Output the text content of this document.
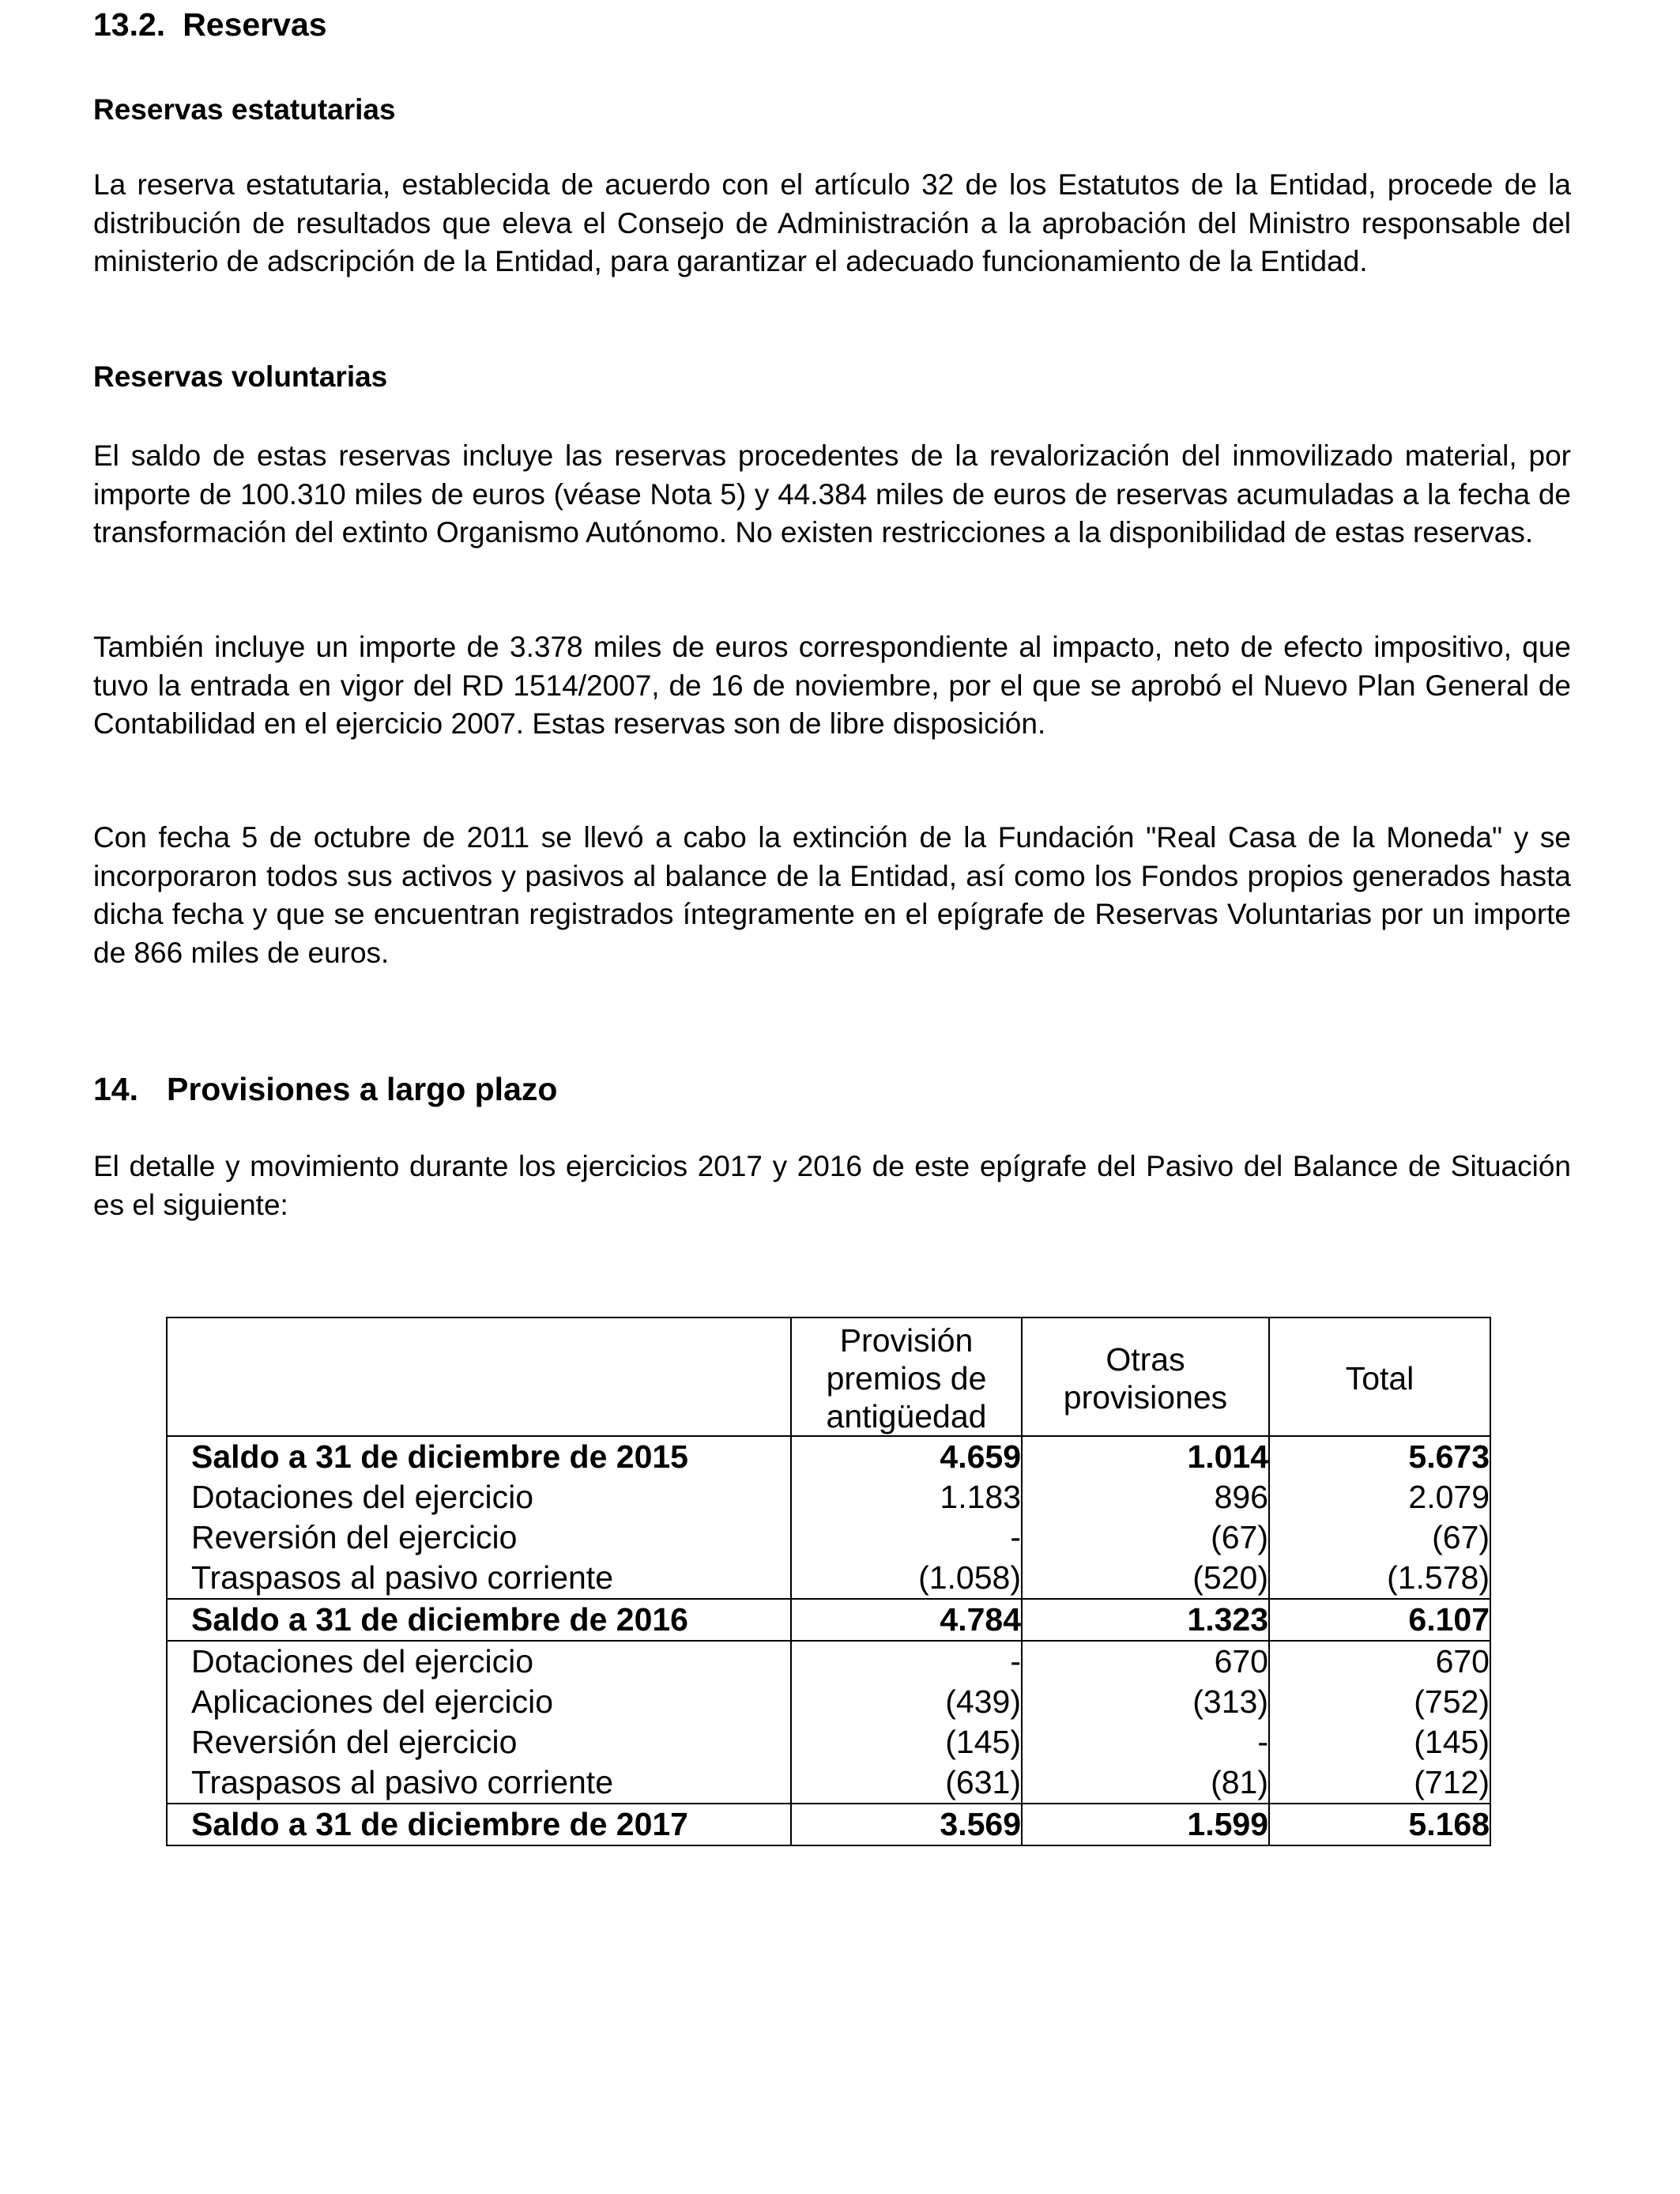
13.2. Reservas
Reservas estatutarias

La reserva estatutaria, establecida de acuerdo con el artículo 32 de los Estatutos de la Entidad, procede de la distribución de resultados que eleva el Consejo de Administración a la aprobación del Ministro responsable del ministerio de adscripción de la Entidad, para garantizar el adecuado funcionamiento de la Entidad.

Reservas voluntarias

El saldo de estas reservas incluye las reservas procedentes de la revalorización del inmovilizado material, por importe de 100.310 miles de euros (véase Nota 5) y 44.384 miles de euros de reservas acumuladas a la fecha de transformación del extinto Organismo Autónomo. No existen restricciones a la disponibilidad de estas reservas.

También incluye un importe de 3.378 miles de euros correspondiente al impacto, neto de efecto impositivo, que tuvo la entrada en vigor del RD 1514/2007, de 16 de noviembre, por el que se aprobó el Nuevo Plan General de Contabilidad en el ejercicio 2007. Estas reservas son de libre disposición.

Con fecha 5 de octubre de 2011 se llevó a cabo la extinción de la Fundación "Real Casa de la Moneda" y se incorporaron todos sus activos y pasivos al balance de la Entidad, así como los Fondos propios generados hasta dicha fecha y que se encuentran registrados íntegramente en el epígrafe de Reservas Voluntarias por un importe de 866 miles de euros.

14. Provisiones a largo plazo

El detalle y movimiento durante los ejercicios 2017 y 2016 de este epígrafe del Pasivo del Balance de Situación es el siguiente:

	Provisión premios de antigüedad	Otras provisiones	Total
Saldo a 31 de diciembre de 2015	4.659	1.014	5.673
Dotaciones del ejercicio	1.183	896	2.079
Reversión del ejercicio	-	(67)	(67)
Traspasos al pasivo corriente	(1.058)	(520)	(1.578)
Saldo a 31 de diciembre de 2016	4.784	1.323	6.107
Dotaciones del ejercicio	-	670	670
Aplicaciones del ejercicio	(439)	(313)	(752)
Reversión del ejercicio	(145)	-	(145)
Traspasos al pasivo corriente	(631)	(81)	(712)
Saldo a 31 de diciembre de 2017	3.569	1.599	5.168
